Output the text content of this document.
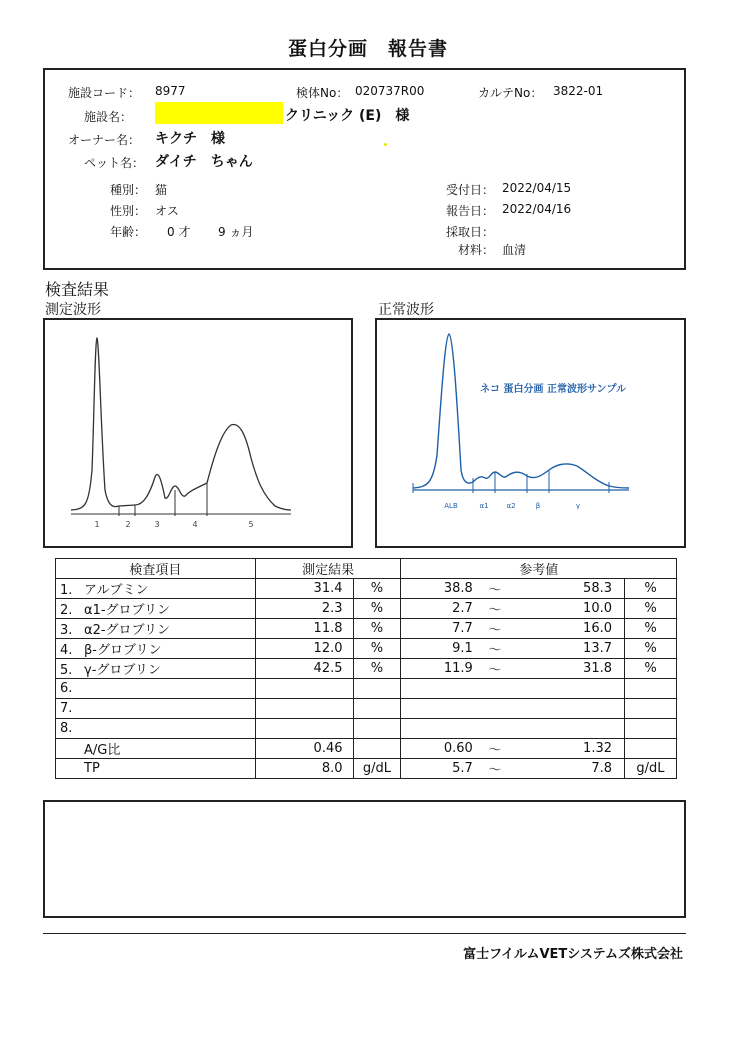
蛋白分画　報告書
施設コード： 8977	検体No： 020737R00	カルテNo： 3822-01
施設名：	クリニック (E)　様
オーナー名： キクチ　様
ペット名： ダイチ　ちゃん
種別： 猫
性別： オス
年齢： 0 才 9 ヵ月
受付日： 2022/04/15
報告日： 2022/04/16
採取日：
材料： 血清
検査結果
測定波形	正常波形
1	2	3	4	5
ネコ 蛋白分画 正常波形サンプル
ALB	α1	α2	β	γ
検査項目	測定結果		参考値			
1. アルブミン	31.4	%	38.8	～	58.3	%
2. α1-グロブリン	2.3	%	2.7	～	10.0	%
3. α2-グロブリン	11.8	%	7.7	～	16.0	%
4. β-グロブリン	12.0	%	9.1	～	13.7	%
5. γ-グロブリン	42.5	%	11.9	～	31.8	%
6.						
7.						
8.						
A/G比	0.46		0.60	～	1.32	
TP	8.0	g/dL	5.7	～	7.8	g/dL
富士フイルムVETシステムズ株式会社
